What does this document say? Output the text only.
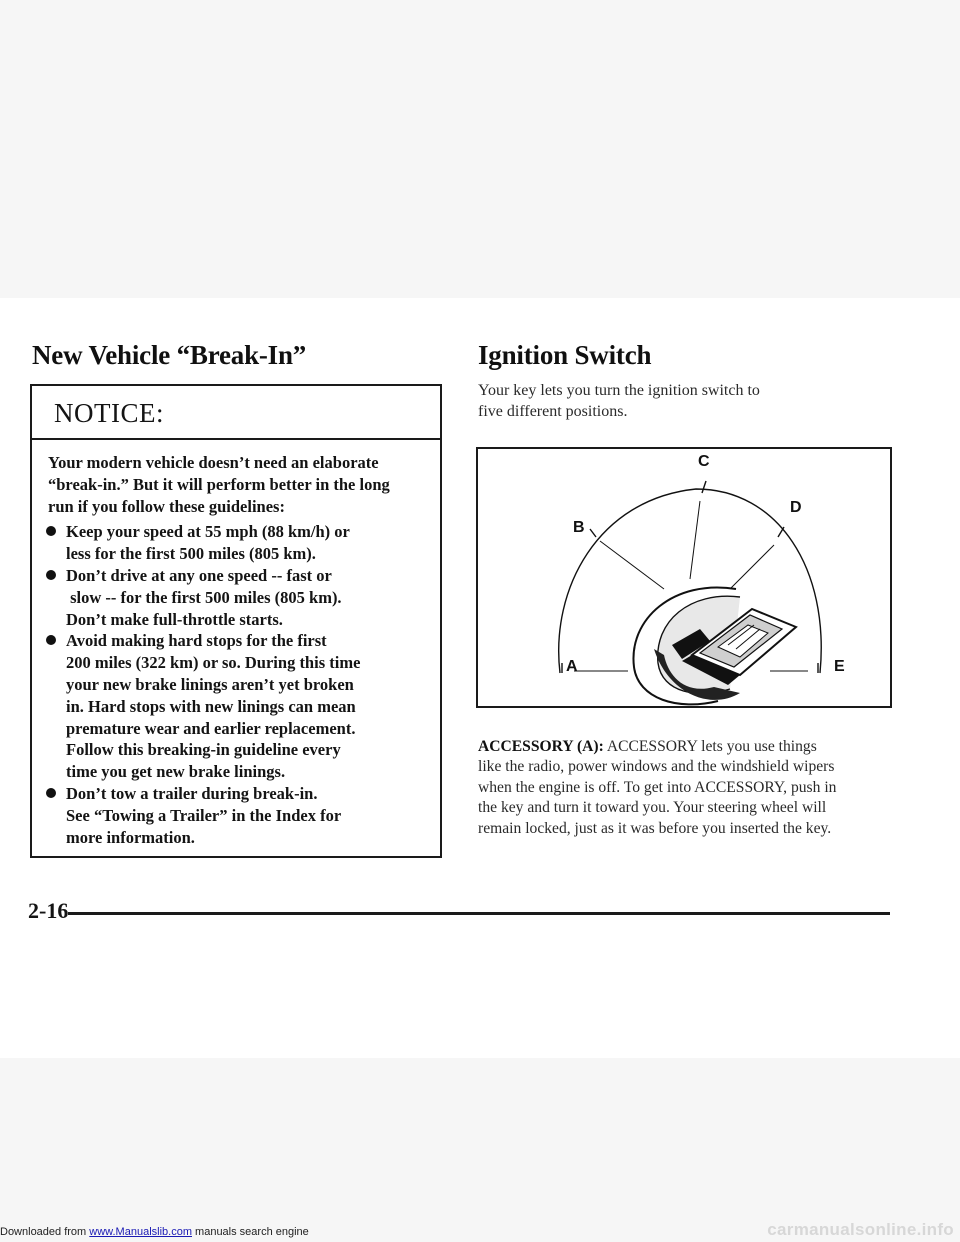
New Vehicle “Break-In”	Ignition Switch
NOTICE:

Your modern vehicle doesn’t need an elaborate
“break-in.” But it will perform better in the long
run if you follow these guidelines:

Keep your speed at 55 mph (88 km/h) or
less for the first 500 miles (805 km).
Don’t drive at any one speed -- fast or
slow -- for the first 500 miles (805 km).
Don’t make full-throttle starts.
Avoid making hard stops for the first
200 miles (322 km) or so. During this time
your new brake linings aren’t yet broken
in. Hard stops with new linings can mean
premature wear and earlier replacement.
Follow this breaking-in guideline every
time you get new brake linings.
Don’t tow a trailer during break-in.
See “Towing a Trailer” in the Index for
more information.

Your key lets you turn the ignition switch to
five different positions.

A
B
C
D
E

ACCESSORY (A): ACCESSORY lets you use things
like the radio, power windows and the windshield wipers
when the engine is off. To get into ACCESSORY, push in
the key and turn it toward you. Your steering wheel will
remain locked, just as it was before you inserted the key.

2-16
Downloaded from www.Manualslib.com manuals search engine	carmanualsonline.info
